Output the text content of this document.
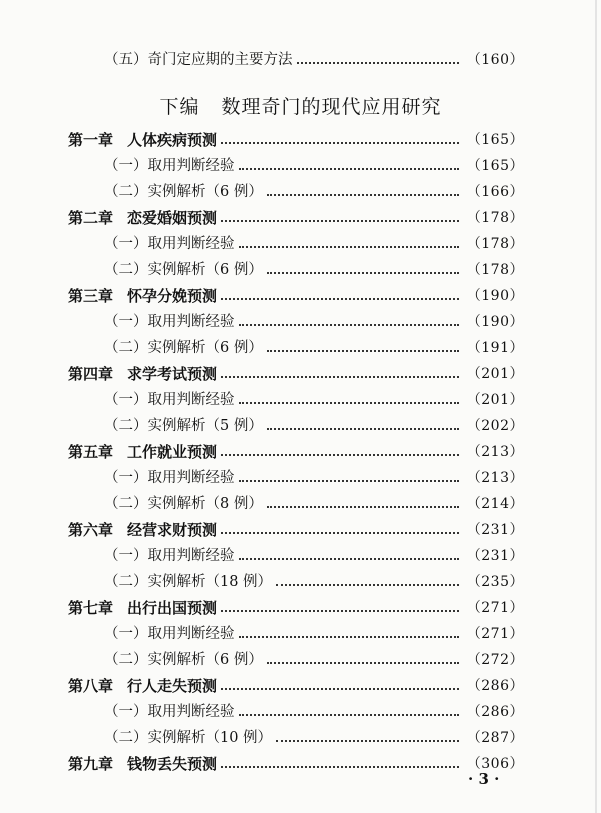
（五）奇门定应期的主要方法	（160）
下编 数理奇门的现代应用研究
第一章 人体疾病预测	（165）
（一）取用判断经验	（165）
（二）实例解析（6 例）	（166）
第二章 恋爱婚姻预测	（178）
（一）取用判断经验	（178）
（二）实例解析（6 例）	（178）
第三章 怀孕分娩预测	（190）
（一）取用判断经验	（190）
（二）实例解析（6 例）	（191）
第四章 求学考试预测	（201）
（一）取用判断经验	（201）
（二）实例解析（5 例）	（202）
第五章 工作就业预测	（213）
（一）取用判断经验	（213）
（二）实例解析（8 例）	（214）
第六章 经营求财预测	（231）
（一）取用判断经验	（231）
（二）实例解析（18 例）	（235）
第七章 出行出国预测	（271）
（一）取用判断经验	（271）
（二）实例解析（6 例）	（272）
第八章 行人走失预测	（286）
（一）取用判断经验	（286）
（二）实例解析（10 例）	（287）
第九章 钱物丢失预测	（306）
· 3 ·
